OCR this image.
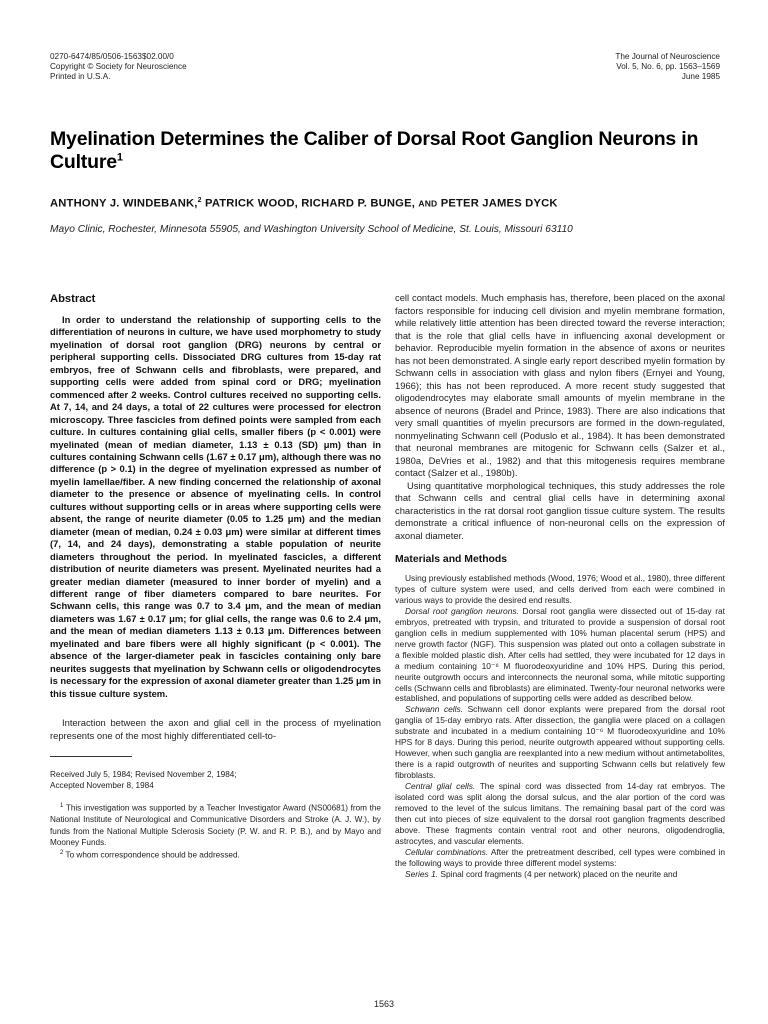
0270-6474/85/0506-1563$02.00/0
Copyright © Society for Neuroscience
Printed in U.S.A.
The Journal of Neuroscience
Vol. 5, No. 6, pp. 1563–1569
June 1985
Myelination Determines the Caliber of Dorsal Root Ganglion Neurons in Culture$^1$
ANTHONY J. WINDEBANK,$^2$ PATRICK WOOD, RICHARD P. BUNGE, AND PETER JAMES DYCK
Mayo Clinic, Rochester, Minnesota 55905, and Washington University School of Medicine, St. Louis, Missouri 63110
Abstract

In order to understand the relationship of supporting cells to the differentiation of neurons in culture, we have used morphometry to study myelination of dorsal root ganglion (DRG) neurons by central or peripheral supporting cells. Dissociated DRG cultures from 15-day rat embryos, free of Schwann cells and fibroblasts, were prepared, and supporting cells were added from spinal cord or DRG; myelination commenced after 2 weeks. Control cultures received no supporting cells. At 7, 14, and 24 days, a total of 22 cultures were processed for electron microscopy. Three fascicles from defined points were sampled from each culture. In cultures containing glial cells, smaller fibers (p < 0.001) were myelinated (mean of median diameter, 1.13 ± 0.13 (SD) μm) than in cultures containing Schwann cells (1.67 ± 0.17 μm), although there was no difference (p > 0.1) in the degree of myelination expressed as number of myelin lamellae/fiber. A new finding concerned the relationship of axonal diameter to the presence or absence of myelinating cells. In control cultures without supporting cells or in areas where supporting cells were absent, the range of neurite diameter (0.05 to 1.25 μm) and the median diameter (mean of median, 0.24 ± 0.03 μm) were similar at different times (7, 14, and 24 days), demonstrating a stable population of neurite diameters throughout the period. In myelinated fascicles, a different distribution of neurite diameters was present. Myelinated neurites had a greater median diameter (measured to inner border of myelin) and a different range of fiber diameters compared to bare neurites. For Schwann cells, this range was 0.7 to 3.4 μm, and the mean of median diameters was 1.67 ± 0.17 μm; for glial cells, the range was 0.6 to 2.4 μm, and the mean of median diameters 1.13 ± 0.13 μm. Differences between myelinated and bare fibers were all highly significant (p < 0.001). The absence of the larger-diameter peak in fascicles containing only bare neurites suggests that myelination by Schwann cells or oligodendrocytes is necessary for the expression of axonal diameter greater than 1.25 μm in this tissue culture system.

Interaction between the axon and glial cell in the process of myelination represents one of the most highly differentiated cell-to-

Received July 5, 1984; Revised November 2, 1984;
Accepted November 8, 1984

$^1$ This investigation was supported by a Teacher Investigator Award (NS00681) from the National Institute of Neurological and Communicative Disorders and Stroke (A. J. W.), by funds from the National Multiple Sclerosis Society (P. W. and R. P. B.), and by Mayo and Mooney Funds.

$^2$ To whom correspondence should be addressed.

cell contact models. Much emphasis has, therefore, been placed on the axonal factors responsible for inducing cell division and myelin membrane formation, while relatively little attention has been directed toward the reverse interaction; that is the role that glial cells have in influencing axonal development or behavior. Reproducible myelin formation in the absence of axons or neurites has not been demonstrated. A single early report described myelin formation by Schwann cells in association with glass and nylon fibers (Ernyei and Young, 1966); this has not been reproduced. A more recent study suggested that oligodendrocytes may elaborate small amounts of myelin membrane in the absence of neurons (Bradel and Prince, 1983). There are also indications that very small quantities of myelin precursors are formed in the down-regulated, nonmyelinating Schwann cell (Poduslo et al., 1984). It has been demonstrated that neuronal membranes are mitogenic for Schwann cells (Salzer et al., 1980a, DeVries et al., 1982) and that this mitogenesis requires membrane contact (Salzer et al., 1980b).

Using quantitative morphological techniques, this study addresses the role that Schwann cells and central glial cells have in determining axonal characteristics in the rat dorsal root ganglion tissue culture system. The results demonstrate a critical influence of non-neuronal cells on the expression of axonal diameter.

Materials and Methods

Using previously established methods (Wood, 1976; Wood et al., 1980), three different types of culture system were used, and cells derived from each were combined in various ways to provide the desired end results.

Dorsal root ganglion neurons. Dorsal root ganglia were dissected out of 15-day rat embryos, pretreated with trypsin, and triturated to provide a suspension of dorsal root ganglion cells in medium supplemented with 10% human placental serum (HPS) and nerve growth factor (NGF). This suspension was plated out onto a collagen substrate in a flexible molded plastic dish. After cells had settled, they were incubated for 12 days in a medium containing 10⁻⁶ M fluorodeoxyuridine and 10% HPS. During this period, neurite outgrowth occurs and interconnects the neuronal soma, while mitotic supporting cells (Schwann cells and fibroblasts) are eliminated. Twenty-four neuronal networks were established, and populations of supporting cells were added as described below.

Schwann cells. Schwann cell donor explants were prepared from the dorsal root ganglia of 15-day embryo rats. After dissection, the ganglia were placed on a collagen substrate and incubated in a medium containing 10⁻⁶ M fluorodeoxyuridine and 10% HPS for 8 days. During this period, neurite outgrowth appeared without supporting cells. However, when such ganglia are reexplanted into a new medium without antimetabolites, there is a rapid outgrowth of neurites and supporting Schwann cells but relatively few fibroblasts.

Central glial cells. The spinal cord was dissected from 14-day rat embryos. The isolated cord was split along the dorsal sulcus, and the alar portion of the cord was removed to the level of the sulcus limitans. The remaining basal part of the cord was then cut into pieces of size equivalent to the dorsal root ganglion fragments described above. These fragments contain ventral root and other neurons, oligodendroglia, astrocytes, and vascular elements.

Cellular combinations. After the pretreatment described, cell types were combined in the following ways to provide three different model systems:

Series 1. Spinal cord fragments (4 per network) placed on the neurite and

1563
